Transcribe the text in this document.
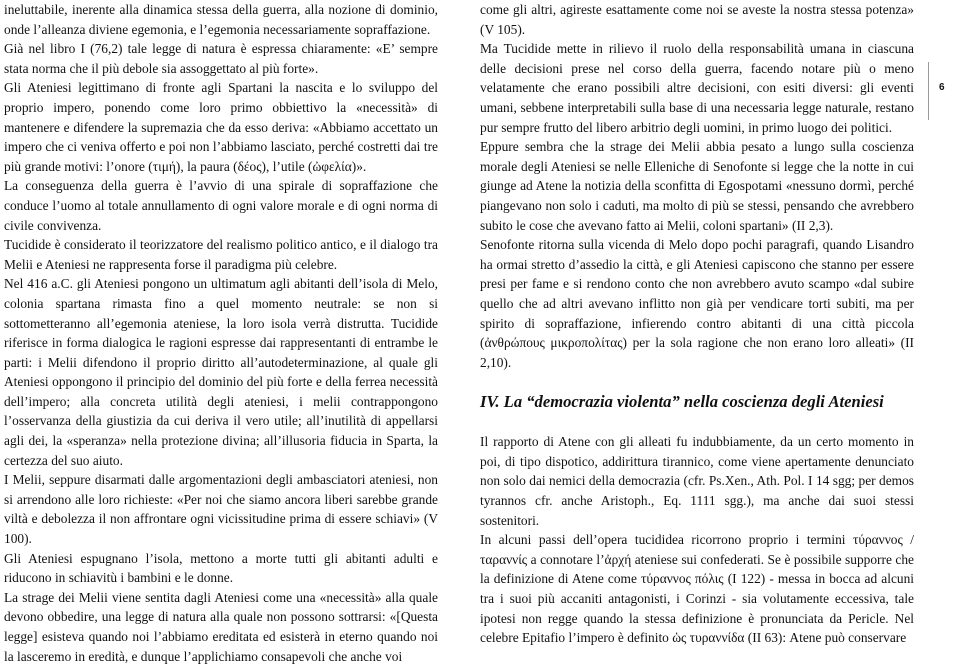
ineluttabile, inerente alla dinamica stessa della guerra, alla nozione di dominio, onde l’alleanza diviene egemonia, e l’egemonia necessariamente sopraffazione.

Già nel libro I (76,2) tale legge di natura è espressa chiaramente: «E’ sempre stata norma che il più debole sia assoggettato al più forte».

Gli Ateniesi legittimano di fronte agli Spartani la nascita e lo sviluppo del proprio impero, ponendo come loro primo obbiettivo la «necessità» di mantenere e difendere la supremazia che da esso deriva: «Abbiamo accettato un impero che ci veniva offerto e poi non l’abbiamo lasciato, perché costretti dai tre più grande motivi: l’onore (τιμή), la paura (δέος), l’utile (ὠφελία)».

La conseguenza della guerra è l’avvio di una spirale di sopraffazione che conduce l’uomo al totale annullamento di ogni valore morale e di ogni norma di civile convivenza.

Tucidide è considerato il teorizzatore del realismo politico antico, e il dialogo tra Melii e Ateniesi ne rappresenta forse il paradigma più celebre.

Nel 416 a.C. gli Ateniesi pongono un ultimatum agli abitanti dell’isola di Melo, colonia spartana rimasta fino a quel momento neutrale: se non si sottometteranno all’egemonia ateniese, la loro isola verrà distrutta. Tucidide riferisce in forma dialogica le ragioni espresse dai rappresentanti di entrambe le parti: i Melii difendono il proprio diritto all’autodeterminazione, al quale gli Ateniesi oppongono il principio del dominio del più forte e della ferrea necessità dell’impero; alla concreta utilità degli ateniesi, i melii contrappongono l’osservanza della giustizia da cui deriva il vero utile; all’inutilità di appellarsi agli dei, la «speranza» nella protezione divina; all’illusoria fiducia in Sparta, la certezza del suo aiuto.

I Melii, seppure disarmati dalle argomentazioni degli ambasciatori ateniesi, non si arrendono alle loro richieste: «Per noi che siamo ancora liberi sarebbe grande viltà e debolezza il non affrontare ogni vicissitudine prima di essere schiavi» (V 100).

Gli Ateniesi espugnano l’isola, mettono a morte tutti gli abitanti adulti e riducono in schiavitù i bambini e le donne.

La strage dei Melii viene sentita dagli Ateniesi come una «necessità» alla quale devono obbedire, una legge di natura alla quale non possono sottrarsi: «[Questa legge] esisteva quando noi l’abbiamo ereditata ed esisterà in eterno quando noi la lasceremo in eredità, e dunque l’applichiamo consapevoli che anche voi

come gli altri, agireste esattamente come noi se aveste la nostra stessa potenza» (V 105).

Ma Tucidide mette in rilievo il ruolo della responsabilità umana in ciascuna delle decisioni prese nel corso della guerra, facendo notare più o meno velatamente che erano possibili altre decisioni, con esiti diversi: gli eventi umani, sebbene interpretabili sulla base di una necessaria legge naturale, restano pur sempre frutto del libero arbitrio degli uomini, in primo luogo dei politici.

Eppure sembra che la strage dei Melii abbia pesato a lungo sulla coscienza morale degli Ateniesi se nelle Elleniche di Senofonte si legge che la notte in cui giunge ad Atene la notizia della sconfitta di Egospotami «nessuno dormì, perché piangevano non solo i caduti, ma molto di più se stessi, pensando che avrebbero subito le cose che avevano fatto ai Melii, coloni spartani» (II 2,3).

Senofonte ritorna sulla vicenda di Melo dopo pochi paragrafi, quando Lisandro ha ormai stretto d’assedio la città, e gli Ateniesi capiscono che stanno per essere presi per fame e si rendono conto che non avrebbero avuto scampo «dal subire quello che ad altri avevano inflitto non già per vendicare torti subiti, ma per spirito di sopraffazione, infierendo contro abitanti di una città piccola (ἀνθρώπους μικροπολίτας) per la sola ragione che non erano loro alleati» (II 2,10).

IV. La “democrazia violenta” nella coscienza degli Ateniesi

Il rapporto di Atene con gli alleati fu indubbiamente, da un certo momento in poi, di tipo dispotico, addirittura tirannico, come viene apertamente denunciato non solo dai nemici della democrazia (cfr. Ps.Xen., Ath. Pol. I 14 sgg; per demos tyrannos cfr. anche Aristoph., Eq. 1111 sgg.), ma anche dai suoi stessi sostenitori.

In alcuni passi dell’opera tucididea ricorrono proprio i termini τύραννος / ταραννίς a connotare l’ἀρχή ateniese sui confederati. Se è possibile supporre che la definizione di Atene come τύραννος πόλις (I 122) - messa in bocca ad alcuni tra i suoi più accaniti antagonisti, i Corinzi - sia volutamente eccessiva, tale ipotesi non regge quando la stessa definizione è pronunciata da Pericle. Nel celebre Epitafio l’impero è definito ὡς τυραννίδα (II 63): Atene può conservare

6
